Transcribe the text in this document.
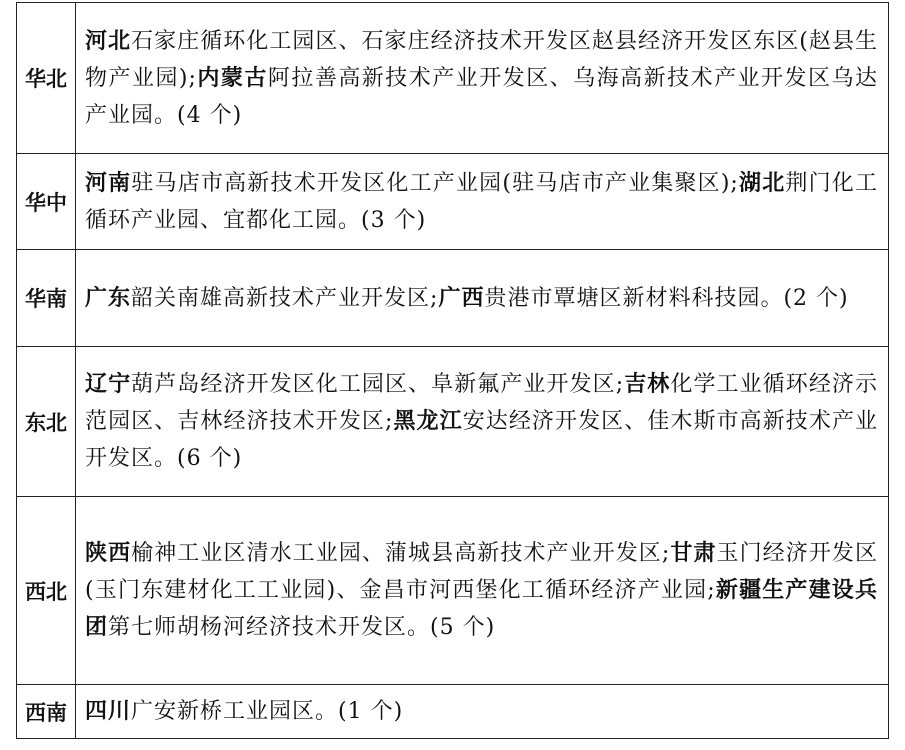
华北	河北石家庄循环化工园区、石家庄经济技术开发区赵县经济开发区东区(赵县生物产业园);内蒙古阿拉善高新技术产业开发区、乌海高新技术产业开发区乌达产业园。(4 个)
华中	河南驻马店市高新技术开发区化工产业园(驻马店市产业集聚区);湖北荆门化工循环产业园、宜都化工园。(3 个)
华南	广东韶关南雄高新技术产业开发区;广西贵港市覃塘区新材料科技园。(2 个)
东北	辽宁葫芦岛经济开发区化工园区、阜新氟产业开发区;吉林化学工业循环经济示范园区、吉林经济技术开发区;黑龙江安达经济开发区、佳木斯市高新技术产业开发区。(6 个)
西北	陕西榆神工业区清水工业园、蒲城县高新技术产业开发区;甘肃玉门经济开发区(玉门东建材化工工业园)、金昌市河西堡化工循环经济产业园;新疆生产建设兵团第七师胡杨河经济技术开发区。(5 个)
西南	四川广安新桥工业园区。(1 个)
